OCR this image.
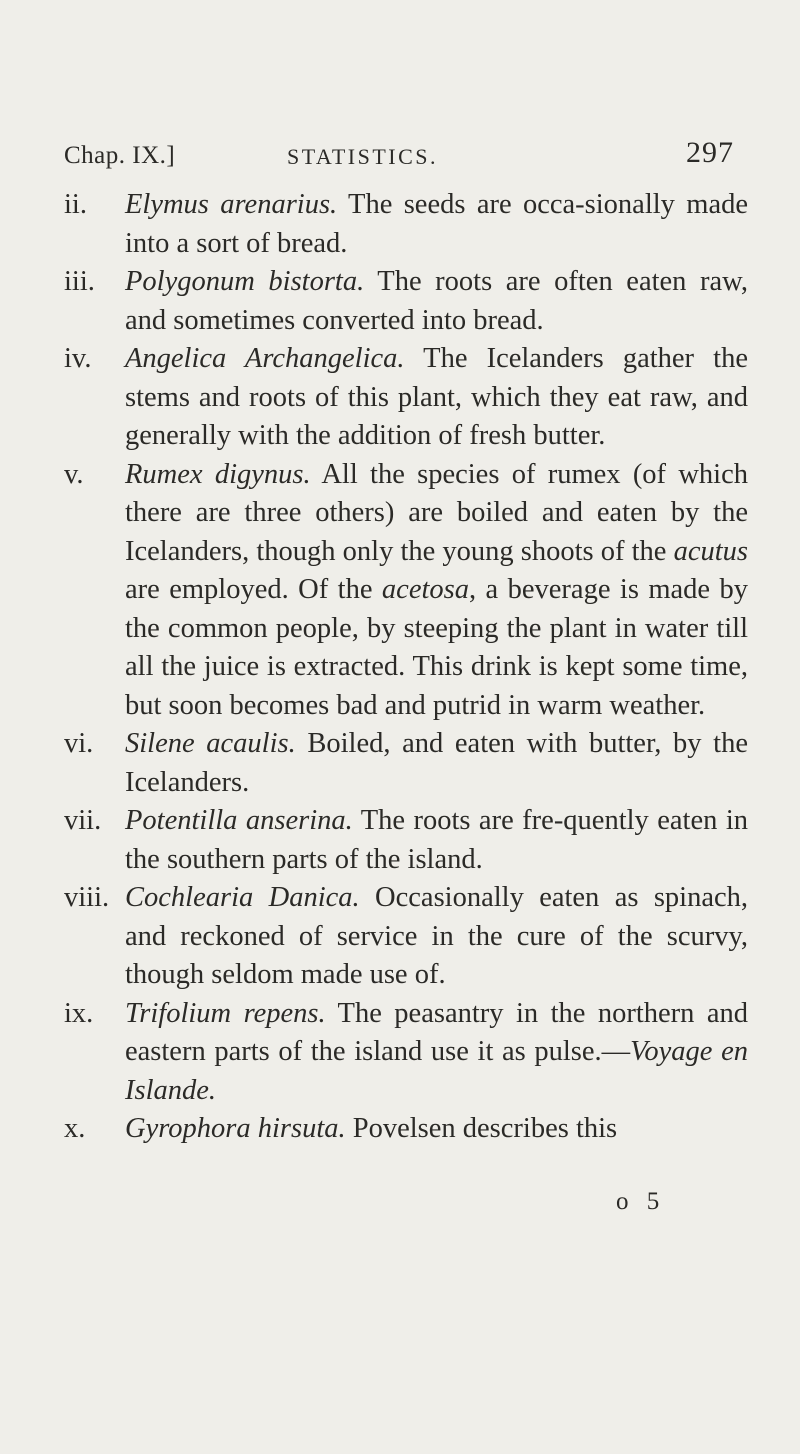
Chap. IX.]	STATISTICS.	297

ii.	Elymus arenarius. The seeds are occa-sionally made into a sort of bread.

iii.	Polygonum bistorta. The roots are often eaten raw, and sometimes converted into bread.

iv.	Angelica Archangelica. The Icelanders gather the stems and roots of this plant, which they eat raw, and generally with the addition of fresh butter.

v.	Rumex digynus. All the species of rumex (of which there are three others) are boiled and eaten by the Icelanders, though only the young shoots of the acutus are employed. Of the acetosa, a beverage is made by the common people, by steeping the plant in water till all the juice is extracted. This drink is kept some time, but soon becomes bad and putrid in warm weather.

vi.	Silene acaulis. Boiled, and eaten with butter, by the Icelanders.

vii. Potentilla anserina. The roots are fre-quently eaten in the southern parts of the island.

viii. Cochlearia Danica. Occasionally eaten as spinach, and reckoned of service in the cure of the scurvy, though seldom made use of.

ix.	Trifolium repens. The peasantry in the northern and eastern parts of the island use it as pulse.—Voyage en Islande.

x.	Gyrophora hirsuta. Povelsen describes this

o 5
